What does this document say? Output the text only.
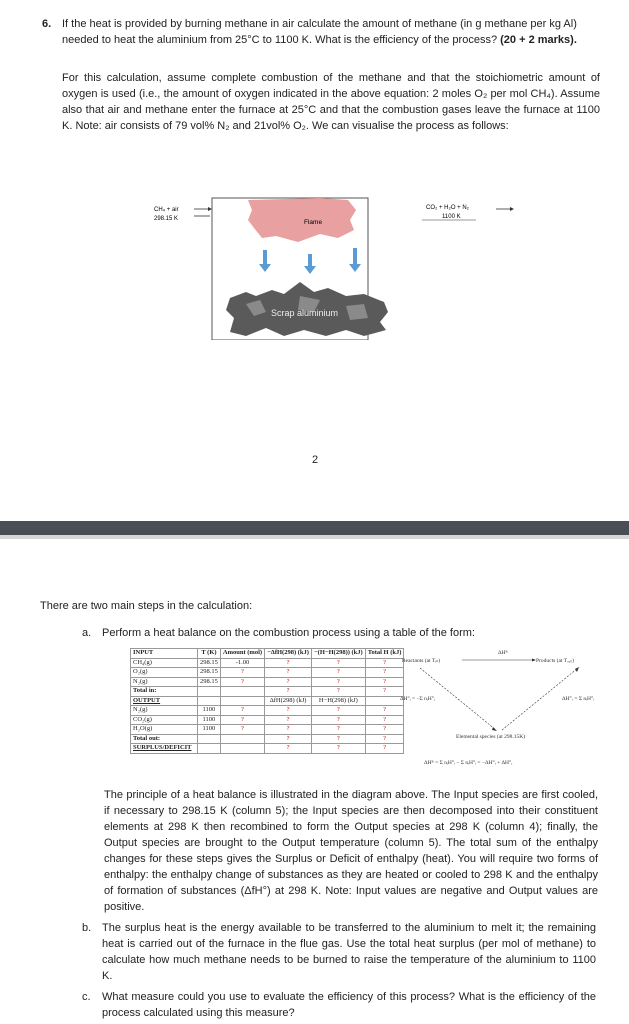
6. If the heat is provided by burning methane in air calculate the amount of methane (in g methane per kg Al) needed to heat the aluminium from 25°C to 1100 K. What is the efficiency of the process? (20 + 2 marks).
For this calculation, assume complete combustion of the methane and that the stoichiometric amount of oxygen is used (i.e., the amount of oxygen indicated in the above equation: 2 moles O₂ per mol CH₄). Assume also that air and methane enter the furnace at 25°C and that the combustion gases leave the furnace at 1100 K. Note: air consists of 79 vol% N₂ and 21vol% O₂. We can visualise the process as follows:
CH₄ + air
298.15 K	Flame
Scrap aluminium
CO₂ + H₂O + N₂
1100 K
2
There are two main steps in the calculation:
a. Perform a heat balance on the combustion process using a table of the form:
INPUT	T (K)	Amount (mol)	−ΔfH(298) (kJ)	−(H−H(298)) (kJ)	Total H (kJ)
CH₄(g)	298.15	-1.00	?	?	?
O₂(g)	298.15	?	?	?	?
N₂(g)	298.15	?	?	?	?
Total in:			?	?	?
OUTPUT			ΔfH(298) (kJ)	H−H(298) (kJ)	
N₂(g)	1100	?	?	?	?
CO₂(g)	1100	?	?	?	?
H₂O(g)	1100	?	?	?	?
Total out:			?	?	?
SURPLUS/DEFICIT			?	?	?
Reactants (at Tᵢₙ)	Products (at Tₒᵤₜ)
ΔHᴿ
ΔH°ᵢ = −Σ nᵢH°ᵢ	ΔH°ᵣ = Σ nᵢH°ᵢ
Elemental species (at 298.15K)
ΔHᴿ = Σ nᵢH°ᵢ − Σ nᵢH°ᵢ = −ΔH°ᵢ + ΔH°ᵣ
The principle of a heat balance is illustrated in the diagram above. The Input species are first cooled, if necessary to 298.15 K (column 5); the Input species are then decomposed into their constituent elements at 298 K then recombined to form the Output species at 298 K (column 4); finally, the Output species are brought to the Output temperature (column 5). The total sum of the enthalpy changes for these steps gives the Surplus or Deficit of enthalpy (heat). You will require two forms of enthalpy: the enthalpy change of substances as they are heated or cooled to 298 K and the enthalpy of formation of substances (ΔfH°) at 298 K. Note: Input values are negative and Output values are positive.
b. The surplus heat is the energy available to be transferred to the aluminium to melt it; the remaining heat is carried out of the furnace in the flue gas. Use the total heat surplus (per mol of methane) to calculate how much methane needs to be burned to raise the temperature of the aluminium to 1100 K.
c. What measure could you use to evaluate the efficiency of this process? What is the efficiency of the process calculated using this measure?
